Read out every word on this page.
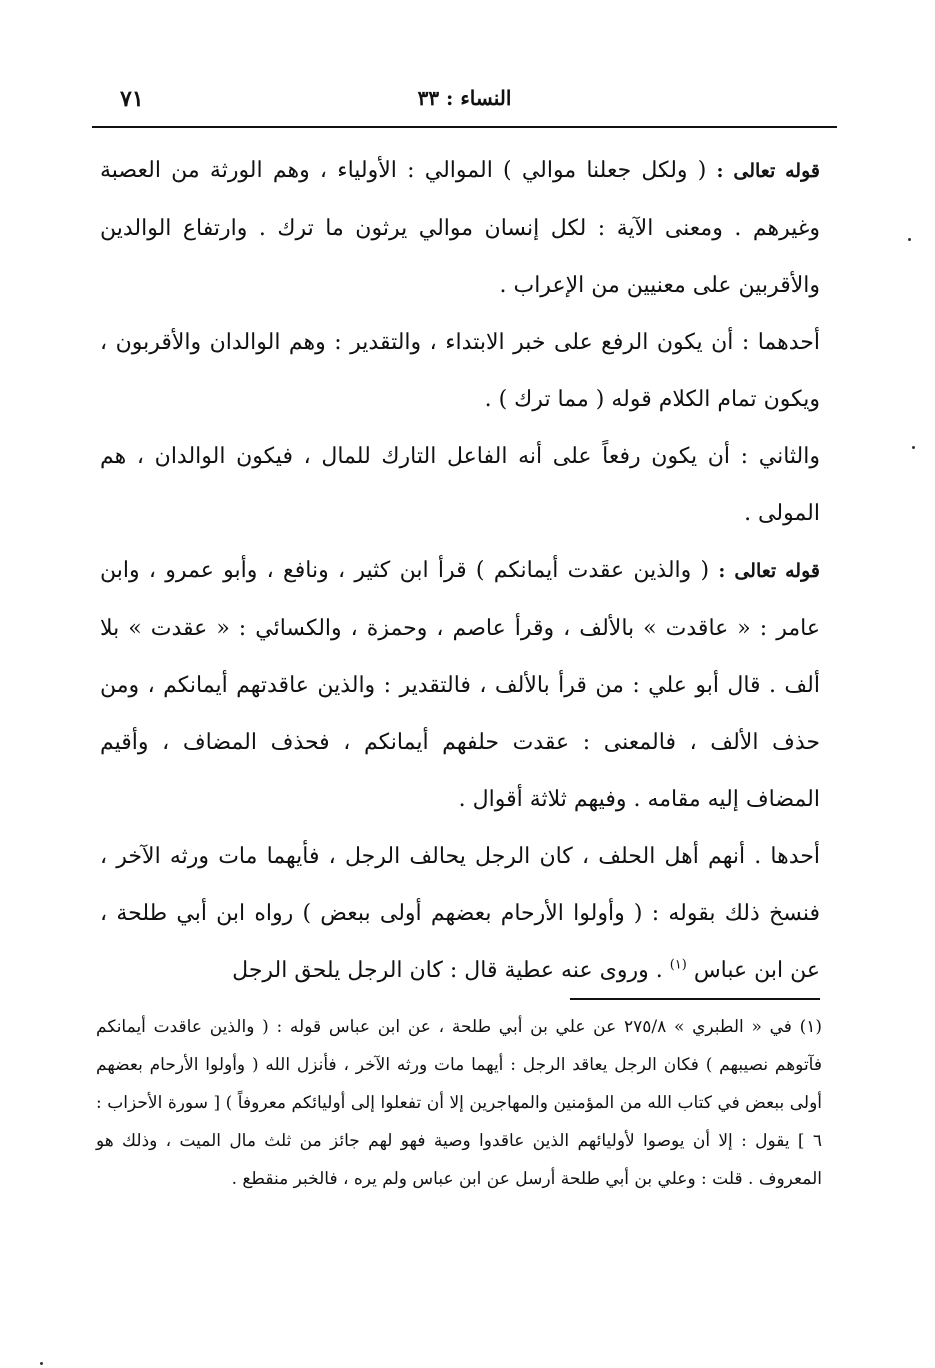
٧١	النساء : ٣٣

قوله تعالى : ( ولكل جعلنا موالي ) الموالي : الأولياء ، وهم الورثة من العصبة وغيرهم . ومعنى الآية : لكل إنسان موالي يرثون ما ترك . وارتفاع الوالدين والأقربين على معنيين من الإعراب .

أحدهما : أن يكون الرفع على خبر الابتداء ، والتقدير : وهم الوالدان والأقربون ، ويكون تمام الكلام قوله ( مما ترك ) .

والثاني : أن يكون رفعاً على أنه الفاعل التارك للمال ، فيكون الوالدان ، هم المولى .

قوله تعالى : ( والذين عقدت أيمانكم ) قرأ ابن كثير ، ونافع ، وأبو عمرو ، وابن عامر : « عاقدت » بالألف ، وقرأ عاصم ، وحمزة ، والكسائي : « عقدت » بلا ألف . قال أبو علي : من قرأ بالألف ، فالتقدير : والذين عاقدتهم أيمانكم ، ومن حذف الألف ، فالمعنى : عقدت حلفهم أيمانكم ، فحذف المضاف ، وأقيم المضاف إليه مقامه . وفيهم ثلاثة أقوال .

أحدها . أنهم أهل الحلف ، كان الرجل يحالف الرجل ، فأيهما مات ورثه الآخر ، فنسخ ذلك بقوله : ( وأولوا الأرحام بعضهم أولى ببعض ) رواه ابن أبي طلحة ، عن ابن عباس $^{(١)}$ . وروى عنه عطية قال : كان الرجل يلحق الرجل

(١) في « الطبري » ٢٧٥/٨ عن علي بن أبي طلحة ، عن ابن عباس قوله : ( والذين عاقدت أيمانكم فآتوهم نصيبهم ) فكان الرجل يعاقد الرجل : أيهما مات ورثه الآخر ، فأنزل الله ( وأولوا الأرحام بعضهم أولى ببعض في كتاب الله من المؤمنين والمهاجرين إلا أن تفعلوا إلى أوليائكم معروفاً ) [ سورة الأحزاب : ٦ ] يقول : إلا أن يوصوا لأوليائهم الذين عاقدوا وصية فهو لهم جائز من ثلث مال الميت ، وذلك هو المعروف . قلت : وعلي بن أبي طلحة أرسل عن ابن عباس ولم يره ، فالخبر منقطع .
